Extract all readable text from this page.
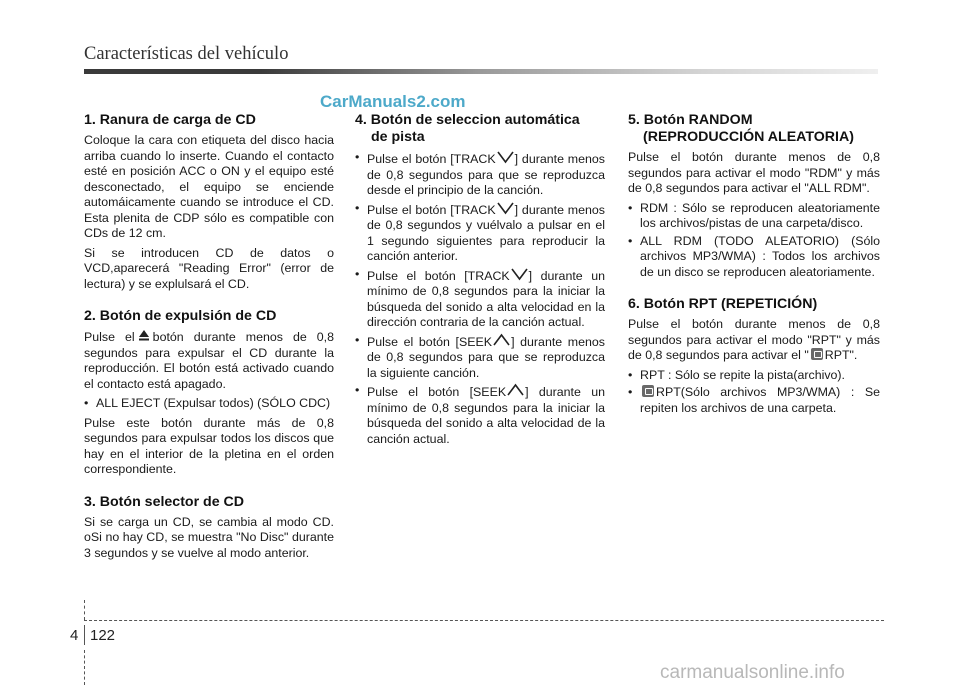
Características del vehículo
CarManuals2.com
1. Ranura de carga de CD

Coloque la cara con etiqueta del disco hacia arriba cuando lo inserte. Cuando el contacto esté en posición ACC o ON y el equipo esté desconectado, el equipo se enciende automáicamente cuando se introduce el CD. Esta plenita de CDP sólo es compatible con CDs de 12 cm.

Si se introducen CD de datos o VCD,aparecerá "Reading Error" (error de lectura) y se explulsará el CD.

2. Botón de expulsión de CD

Pulse el botón durante menos de 0,8 segundos para expulsar el CD durante la reproducción. El botón está activado cuando el contacto está apagado.

• ALL EJECT (Expulsar todos) (SÓLO CDC)

Pulse este botón durante más de 0,8 segundos para expulsar todos los discos que hay en el interior de la pletina en el orden correspondiente.

3. Botón selector de CD

Si se carga un CD, se cambia al modo CD. oSi no hay CD, se muestra "No Disc" durante 3 segundos y se vuelve al modo anterior.

4. Botón de seleccion automática
de pista
• Pulse el botón [TRACK ] durante menos de 0,8 segundos para que se reproduzca desde el principio de la canción.
• Pulse el botón [TRACK ] durante menos de 0,8 segundos y vuélvalo a pulsar en el 1 segundo siguientes para reproducir la canción anterior.
• Pulse el botón [TRACK ] durante un mínimo de 0,8 segundos para la iniciar la búsqueda del sonido a alta velocidad en la dirección contraria de la canción actual.
• Pulse el botón [SEEK ] durante menos de 0,8 segundos para que se reproduzca la siguiente canción.
• Pulse el botón [SEEK ] durante un mínimo de 0,8 segundos para la iniciar la búsqueda del sonido a alta velocidad de la canción actual.
5. Botón RANDOM
(REPRODUCCIÓN ALEATORIA)

Pulse el botón durante menos de 0,8 segundos para activar el modo "RDM" y más de 0,8 segundos para activar el "ALL RDM".

• RDM : Sólo se reproducen aleatoriamente los archivos/pistas de una carpeta/disco.
• ALL RDM (TODO ALEATORIO) (Sólo archivos MP3/WMA) : Todos los archivos de un disco se reproducen aleatoriamente.
6. Botón RPT (REPETICIÓN)

Pulse el botón durante menos de 0,8 segundos para activar el modo "RPT" y más de 0,8 segundos para activar el " RPT".

• RPT : Sólo se repite la pista(archivo).
• RPT(Sólo archivos MP3/WMA) : Se repiten los archivos de una carpeta.
4 122
carmanualsonline.info
